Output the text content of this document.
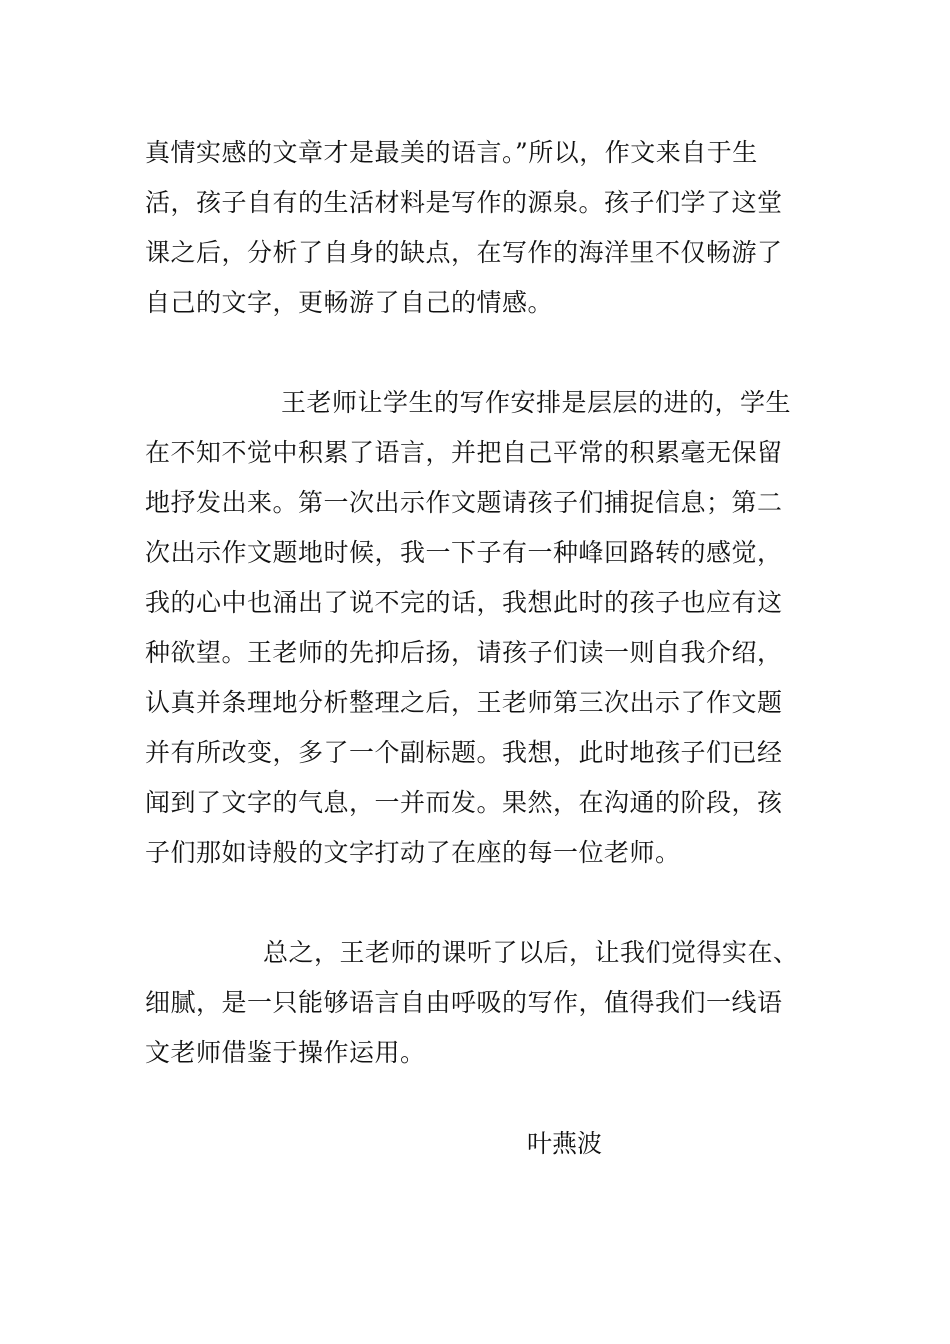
真情实感的文章才是最美的语言。”所以，作文来自于生
活，孩子自有的生活材料是写作的源泉。孩子们学了这堂
课之后，分析了自身的缺点，在写作的海洋里不仅畅游了
自己的文字，更畅游了自己的情感。
王老师让学生的写作安排是层层的进的，学生
在不知不觉中积累了语言，并把自己平常的积累毫无保留
地抒发出来。第一次出示作文题请孩子们捕捉信息；第二
次出示作文题地时候，我一下子有一种峰回路转的感觉，
我的心中也涌出了说不完的话，我想此时的孩子也应有这
种欲望。王老师的先抑后扬，请孩子们读一则自我介绍，
认真并条理地分析整理之后，王老师第三次出示了作文题
并有所改变，多了一个副标题。我想，此时地孩子们已经
闻到了文字的气息，一并而发。果然，在沟通的阶段，孩
子们那如诗般的文字打动了在座的每一位老师。
总之，王老师的课听了以后，让我们觉得实在、
细腻，是一只能够语言自由呼吸的写作，值得我们一线语
文老师借鉴于操作运用。
叶燕波
